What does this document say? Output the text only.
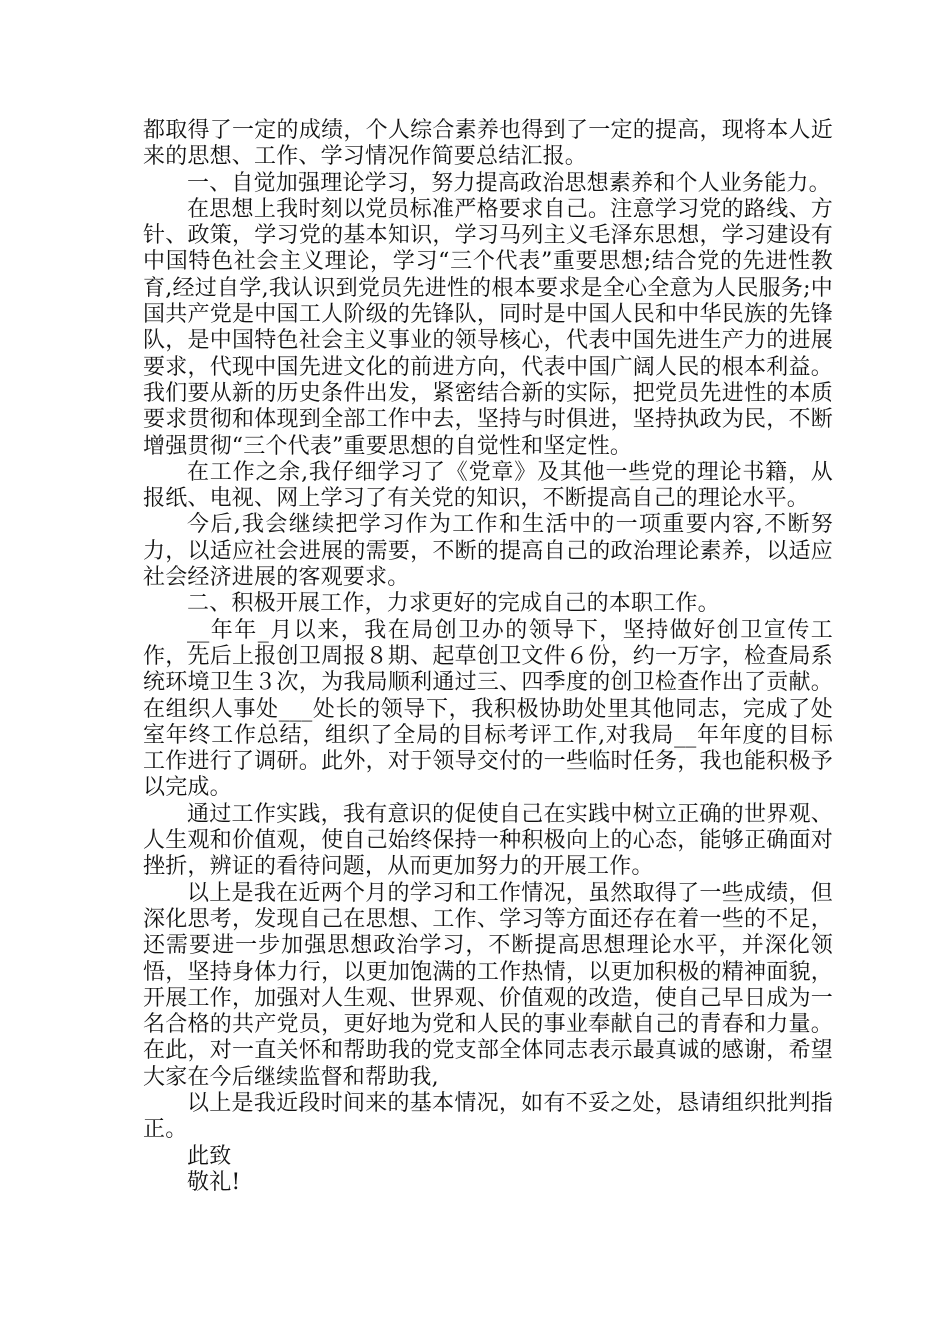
都取得了一定的成绩，个人综合素养也得到了一定的提高，现将本人近来的思想、工作、学习情况作简要总结汇报。

一、自觉加强理论学习，努力提高政治思想素养和个人业务能力。

在思想上我时刻以党员标准严格要求自己。注意学习党的路线、方针、政策，学习党的基本知识，学习马列主义毛泽东思想，学习建设有中国特色社会主义理论，学习“三个代表”重要思想;结合党的先进性教育,经过自学,我认识到党员先进性的根本要求是全心全意为人民服务;中国共产党是中国工人阶级的先锋队，同时是中国人民和中华民族的先锋队，是中国特色社会主义事业的领导核心，代表中国先进生产力的进展要求，代现中国先进文化的前进方向，代表中国广阔人民的根本利益。我们要从新的历史条件出发，紧密结合新的实际，把党员先进性的本质要求贯彻和体现到全部工作中去，坚持与时俱进，坚持执政为民，不断增强贯彻“三个代表”重要思想的自觉性和坚定性。

在工作之余,我仔细学习了《党章》及其他一些党的理论书籍，从报纸、电视、网上学习了有关党的知识，不断提高自己的理论水平。

今后,我会继续把学习作为工作和生活中的一项重要内容,不断努力，以适应社会进展的需要，不断的提高自己的政治理论素养，以适应社会经济进展的客观要求。

二、积极开展工作，力求更好的完成自己的本职工作。

__年年_月以来，我在局创卫办的领导下，坚持做好创卫宣传工作，先后上报创卫周报８期、起草创卫文件６份，约一万字，检查局系统环境卫生３次，为我局顺利通过三、四季度的创卫检查作出了贡献。在组织人事处___处长的领导下，我积极协助处里其他同志，完成了处室年终工作总结，组织了全局的目标考评工作,对我局__年年度的目标工作进行了调研。此外，对于领导交付的一些临时任务，我也能积极予以完成。

通过工作实践，我有意识的促使自己在实践中树立正确的世界观、人生观和价值观，使自己始终保持一种积极向上的心态，能够正确面对挫折，辨证的看待问题，从而更加努力的开展工作。

以上是我在近两个月的学习和工作情况，虽然取得了一些成绩，但深化思考，发现自己在思想、工作、学习等方面还存在着一些的不足，还需要进一步加强思想政治学习，不断提高思想理论水平，并深化领悟，坚持身体力行，以更加饱满的工作热情，以更加积极的精神面貌，开展工作，加强对人生观、世界观、价值观的改造，使自己早日成为一名合格的共产党员，更好地为党和人民的事业奉献自己的青春和力量。在此，对一直关怀和帮助我的党支部全体同志表示最真诚的感谢，希望大家在今后继续监督和帮助我,

以上是我近段时间来的基本情况，如有不妥之处，恳请组织批判指正。

此致

敬礼!
